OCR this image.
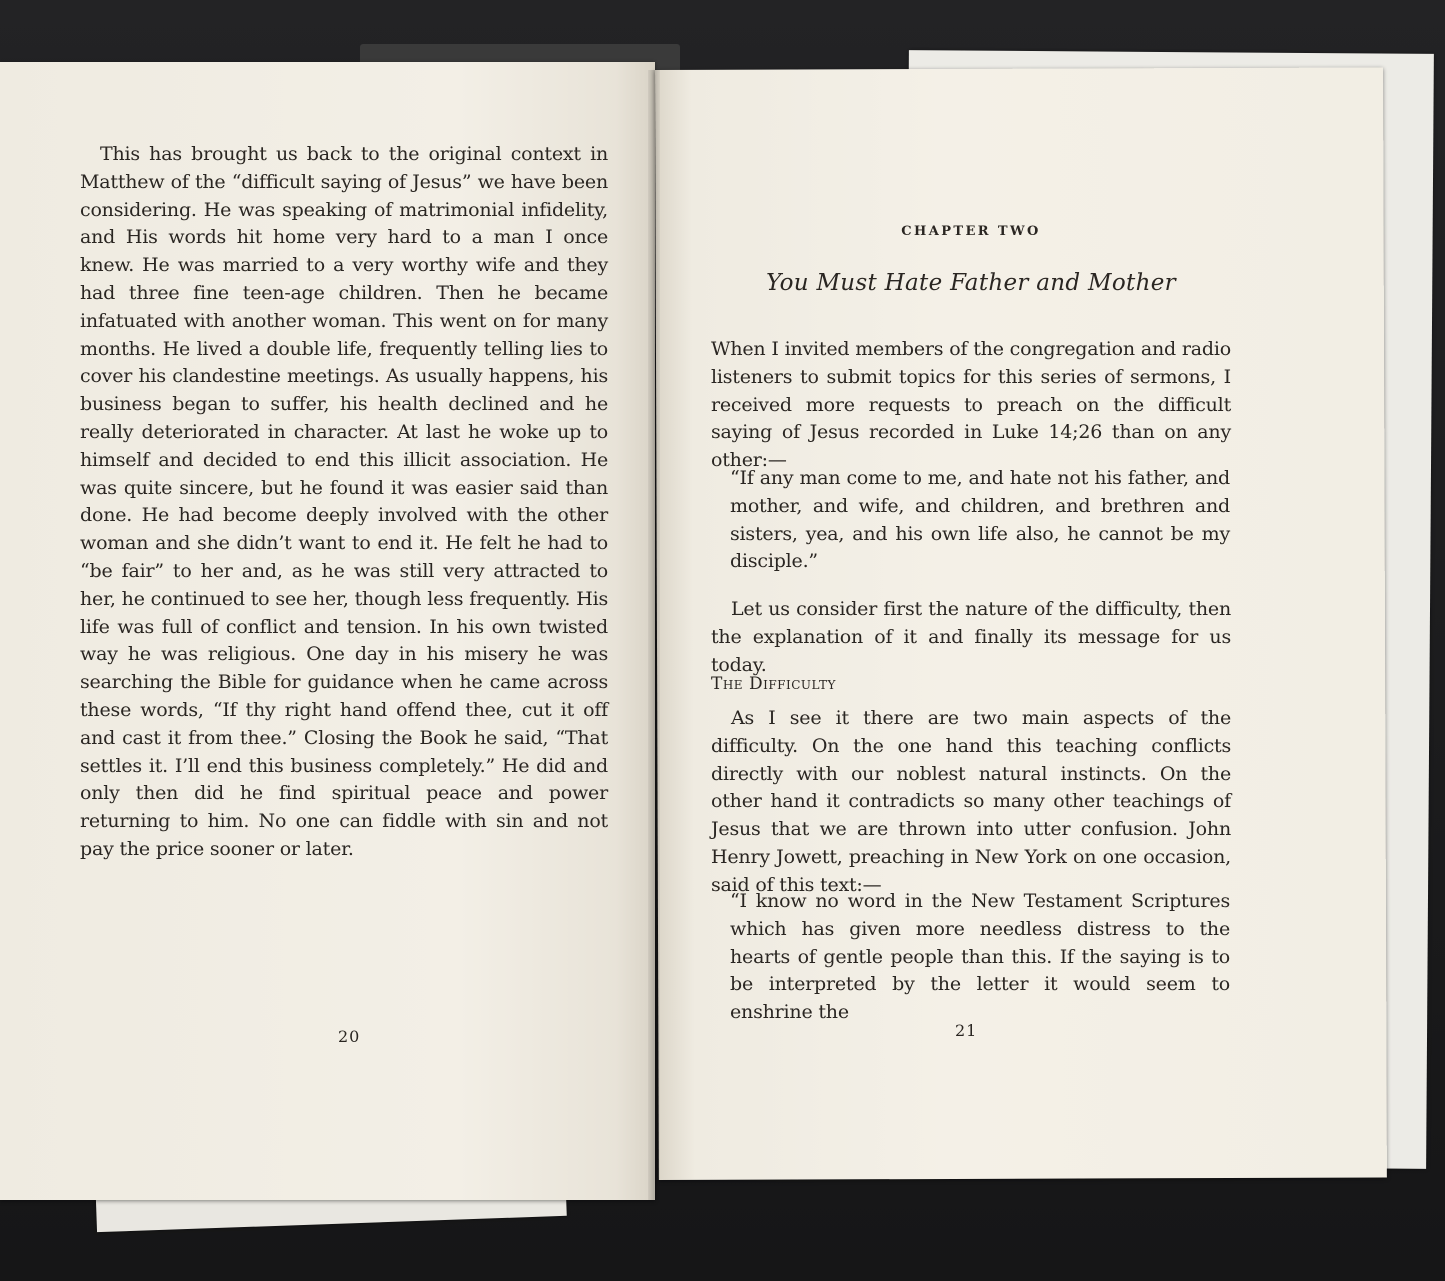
This has brought us back to the original context in Matthew of the “difficult saying of Jesus” we have been considering. He was speaking of matrimonial infidelity, and His words hit home very hard to a man I once knew. He was married to a very worthy wife and they had three fine teen-age children. Then he became infatuated with another woman. This went on for many months. He lived a double life, frequently telling lies to cover his clandestine meetings. As usually happens, his business began to suffer, his health declined and he really deteriorated in character. At last he woke up to himself and decided to end this illicit association. He was quite sincere, but he found it was easier said than done. He had become deeply involved with the other woman and she didn’t want to end it. He felt he had to “be fair” to her and, as he was still very attracted to her, he continued to see her, though less frequently. His life was full of conflict and tension. In his own twisted way he was religious. One day in his misery he was searching the Bible for guidance when he came across these words, “If thy right hand offend thee, cut it off and cast it from thee.” Closing the Book he said, “That settles it. I’ll end this business completely.” He did and only then did he find spiritual peace and power returning to him. No one can fiddle with sin and not pay the price sooner or later.

20
CHAPTER TWO
You Must Hate Father and Mother

When I invited members of the congregation and radio listeners to submit topics for this series of sermons, I received more requests to preach on the difficult saying of Jesus recorded in Luke 14;26 than on any other:—

“If any man come to me, and hate not his father, and mother, and wife, and children, and brethren and sisters, yea, and his own life also, he cannot be my disciple.”

Let us consider first the nature of the difficulty, then the explanation of it and finally its message for us today.

The Difficulty

As I see it there are two main aspects of the difficulty. On the one hand this teaching conflicts directly with our noblest natural instincts. On the other hand it contradicts so many other teachings of Jesus that we are thrown into utter confusion. John Henry Jowett, preaching in New York on one occasion, said of this text:—

“I know no word in the New Testament Scriptures which has given more needless distress to the hearts of gentle people than this. If the saying is to be interpreted by the letter it would seem to enshrine the

21
